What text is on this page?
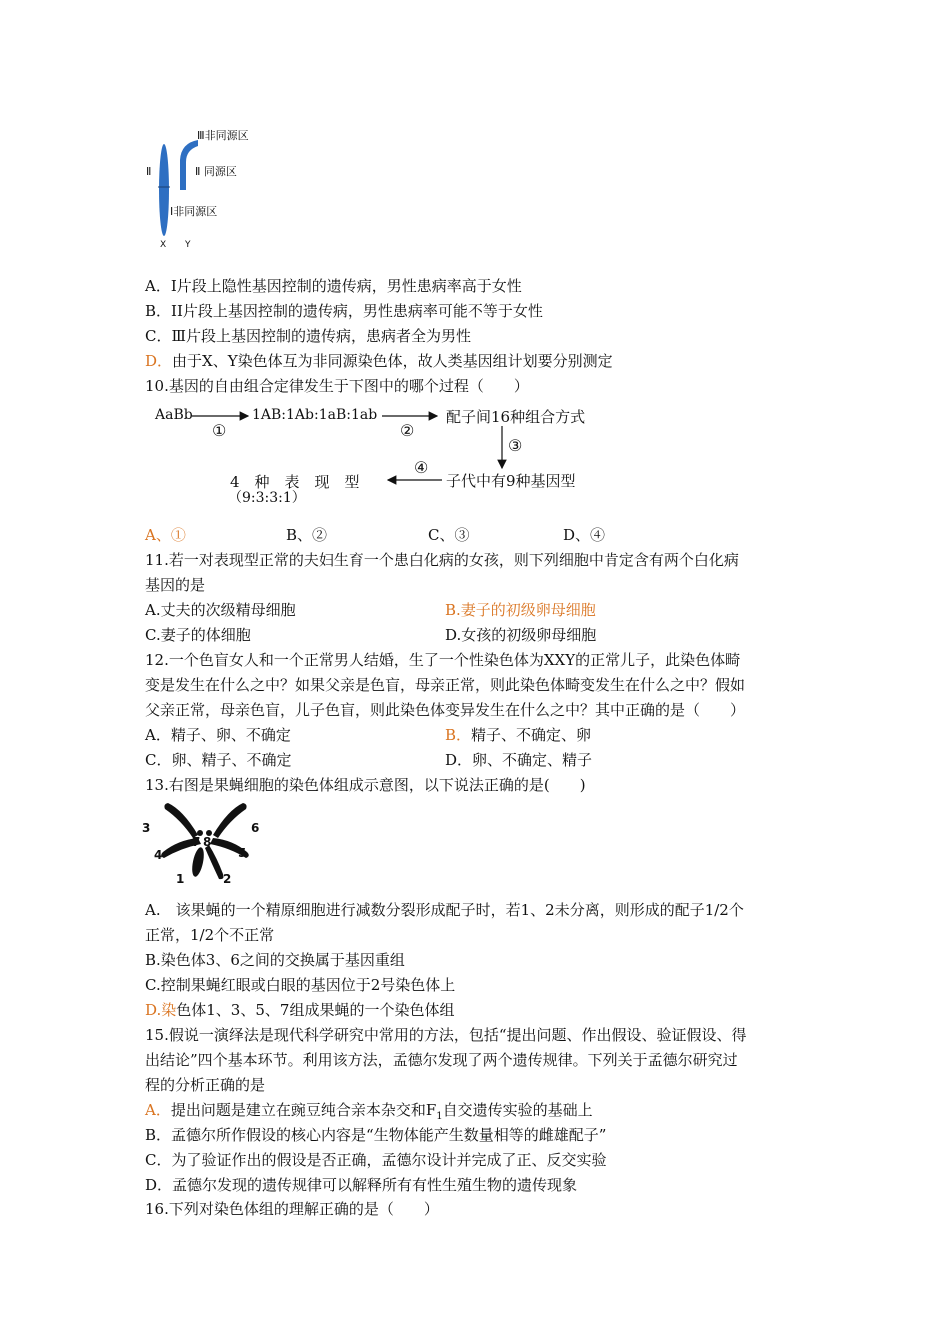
Ⅲ非同源区
Ⅱ 同源区
Ⅱ
Ⅰ非同源区
X Y
A．Ⅰ片段上隐性基因控制的遗传病，男性患病率高于女性
B．II片段上基因控制的遗传病，男性患病率可能不等于女性
C．Ⅲ片段上基因控制的遗传病，患病者全为男性
D．由于X、Y染色体互为非同源染色体，故人类基因组计划要分别测定
10.基因的自由组合定律发生于下图中的哪个过程（　　）
AaBb	1AB:1Ab:1aB:1ab	配子间16种组合方式
①	②
③
④
子代中有9种基因型
4　种　表　现　型
（9:3:3:1）
A、①	B、②	C、③	D、④
11.若一对表现型正常的夫妇生育一个患白化病的女孩，则下列细胞中肯定含有两个白化病
基因的是
A.丈夫的次级精母细胞	B.妻子的初级卵母细胞
C.妻子的体细胞	D.女孩的初级卵母细胞
12.一个色盲女人和一个正常男人结婚，生了一个性染色体为XXY的正常儿子，此染色体畸
变是发生在什么之中？如果父亲是色盲，母亲正常，则此染色体畸变发生在什么之中？假如
父亲正常，母亲色盲，儿子色盲，则此染色体变异发生在什么之中？其中正确的是（　　）
A．精子、卵、不确定	B．精子、不确定、卵
C．卵、精子、不确定	D．卵、不确定、精子
13.右图是果蝇细胞的染色体组成示意图，以下说法正确的是(　　)
3	6
7 8
4	5
1	2
A.　该果蝇的一个精原细胞进行减数分裂形成配子时，若1、2未分离，则形成的配子1/2个
正常，1/2个不正常
B.染色体3、6之间的交换属于基因重组
C.控制果蝇红眼或白眼的基因位于2号染色体上
D.染色体1、3、5、7组成果蝇的一个染色体组
15.假说一演绎法是现代科学研究中常用的方法，包括“提出问题、作出假设、验证假设、得
出结论”四个基本环节。利用该方法，孟德尔发现了两个遗传规律。下列关于孟德尔研究过
程的分析正确的是
A．提出问题是建立在豌豆纯合亲本杂交和$F_1$自交遗传实验的基础上
B．孟德尔所作假设的核心内容是“生物体能产生数量相等的雌雄配子”
C．为了验证作出的假设是否正确，孟德尔设计并完成了正、反交实验
D．孟德尔发现的遗传规律可以解释所有有性生殖生物的遗传现象
16.下列对染色体组的理解正确的是（　　）
